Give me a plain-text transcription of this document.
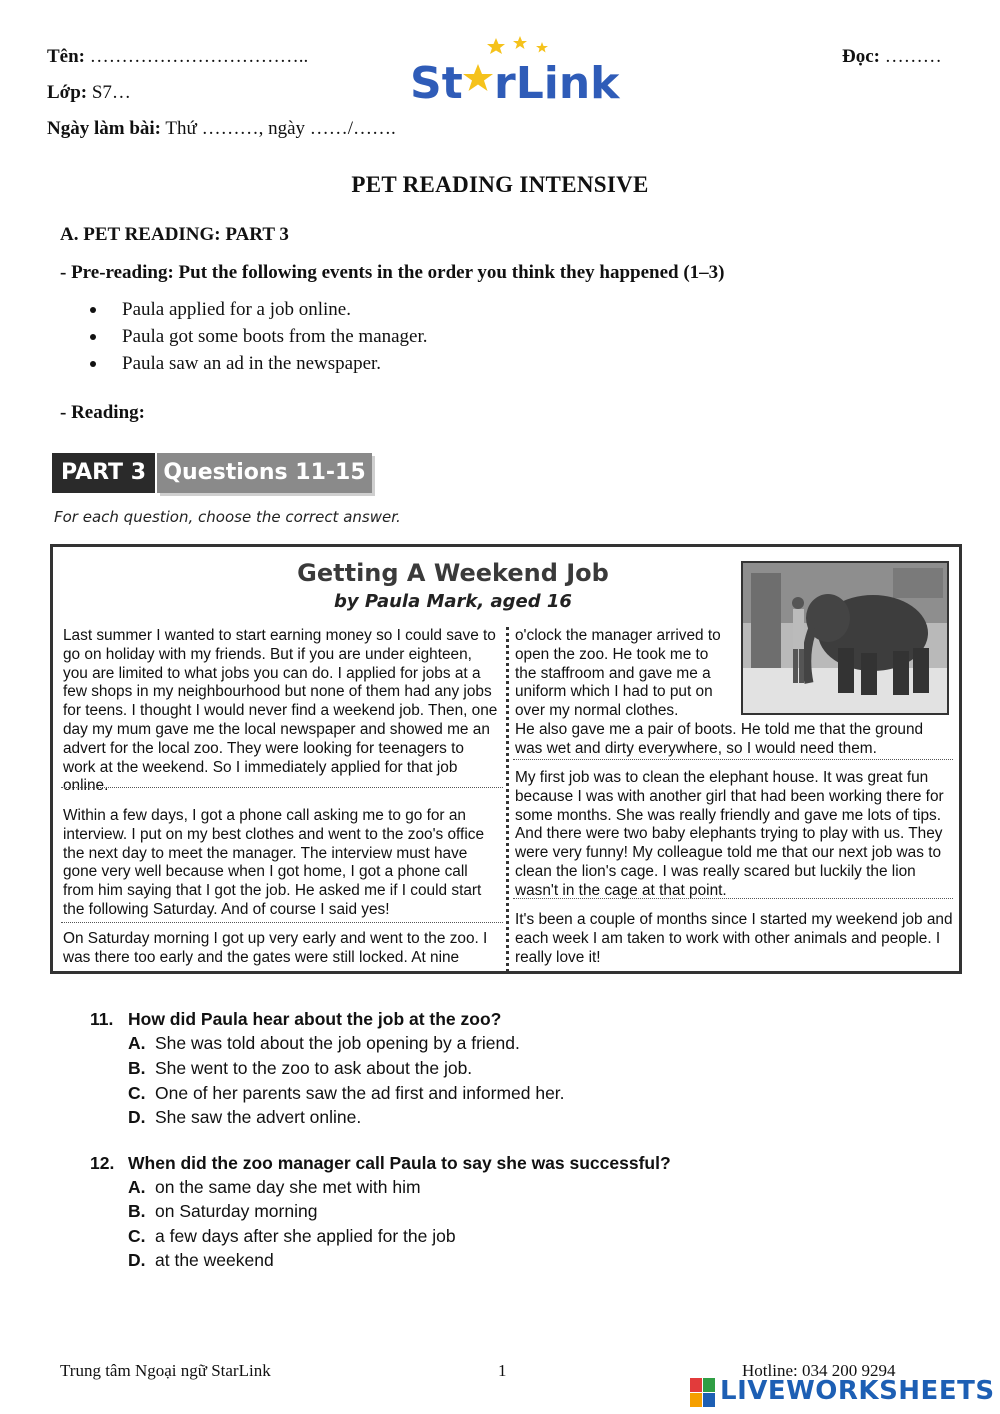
Tên: ……………………………..
Lớp: S7…
Ngày làm bài: Thứ ………, ngày ……/…….
Đọc: ………
St rLink
PET READING INTENSIVE
A. PET READING: PART 3
- Pre-reading: Put the following events in the order you think they happened (1–3)
Paula applied for a job online.
Paula got some boots from the manager.
Paula saw an ad in the newspaper.
- Reading:
PART 3 Questions 11-15
For each question, choose the correct answer.
Getting A Weekend Job
by Paula Mark, aged 16

Last summer I wanted to start earning money so I could save to go on holiday with my friends. But if you are under eighteen, you are limited to what jobs you can do. I applied for jobs at a few shops in my neighbourhood but none of them had any jobs for teens. I thought I would never find a weekend job. Then, one day my mum gave me the local newspaper and showed me an advert for the local zoo. They were looking for teenagers to work at the weekend. So I immediately applied for that job online.

Within a few days, I got a phone call asking me to go for an interview. I put on my best clothes and went to the zoo's office the next day to meet the manager. The interview must have gone very well because when I got home, I got a phone call from him saying that I got the job. He asked me if I could start the following Saturday. And of course I said yes!

On Saturday morning I got up very early and went to the zoo. I was there too early and the gates were still locked. At nine

o'clock the manager arrived to open the zoo. He took me to the staffroom and gave me a uniform which I had to put on over my normal clothes.

He also gave me a pair of boots. He told me that the ground was wet and dirty everywhere, so I would need them.

My first job was to clean the elephant house. It was great fun because I was with another girl that had been working there for some months. She was really friendly and gave me lots of tips. And there were two baby elephants trying to play with us. They were very funny! My colleague told me that our next job was to clean the lion's cage. I was really scared but luckily the lion wasn't in the cage at that point.

It's been a couple of months since I started my weekend job and each week I am taken to work with other animals and people. I really love it!

11. How did Paula hear about the job at the zoo?
A. She was told about the job opening by a friend.
B. She went to the zoo to ask about the job.
C. One of her parents saw the ad first and informed her.
D. She saw the advert online.
12. When did the zoo manager call Paula to say she was successful?
A. on the same day she met with him
B. on Saturday morning
C. a few days after she applied for the job
D. at the weekend
Trung tâm Ngoại ngữ StarLink	1	Hotline: 034 200 9294
LIVEWORKSHEETS
